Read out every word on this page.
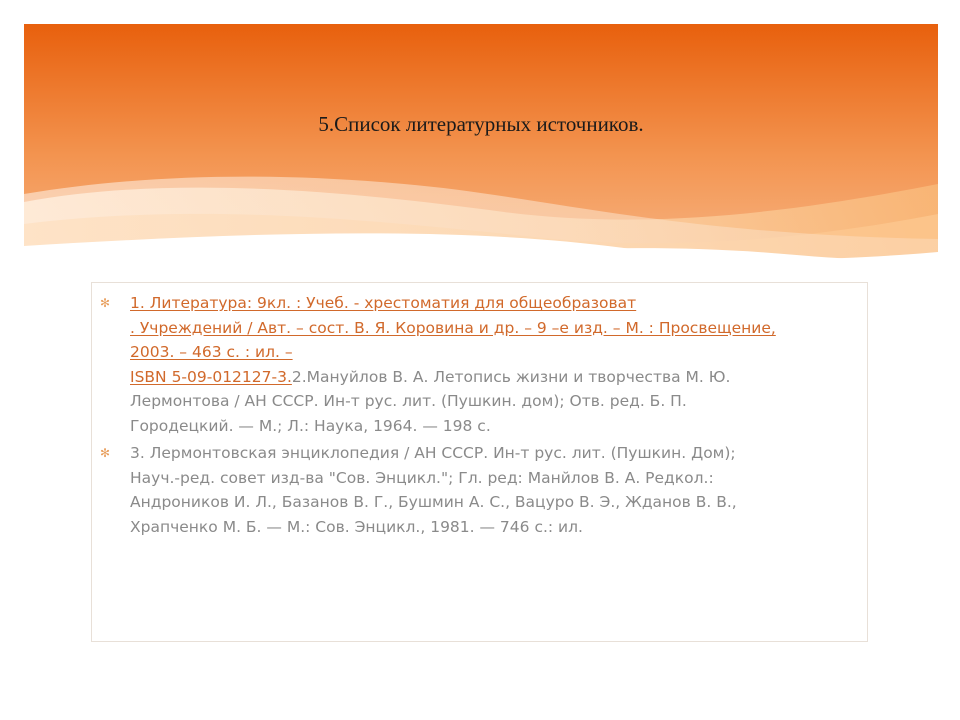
5.Список литературных источников.
✻ 1. Литература: 9кл. : Учеб. - хрестоматия для общеобразоват
. Учреждений / Авт. – сост. В. Я. Коровина и др. – 9 –е изд. – М. : Просвещение,
2003. – 463 с. : ил. –
ISBN 5-09-012127-3.2.Мануйлов В. А. Летопись жизни и творчества М. Ю.
Лермонтова / АН СССР. Ин-т рус. лит. (Пушкин. дом); Отв. ред. Б. П.
Городецкий. — М.; Л.: Наука, 1964. — 198 с.
✻ 3. Лермонтовская энциклопедия / АН СССР. Ин-т рус. лит. (Пушкин. Дом);
Науч.-ред. совет изд-ва "Сов. Энцикл."; Гл. ред: Манйлов В. А. Редкол.:
Андроников И. Л., Базанов В. Г., Бушмин А. С., Вацуро В. Э., Жданов В. В.,
Храпченко М. Б. — М.: Сов. Энцикл., 1981. — 746 с.: ил.
